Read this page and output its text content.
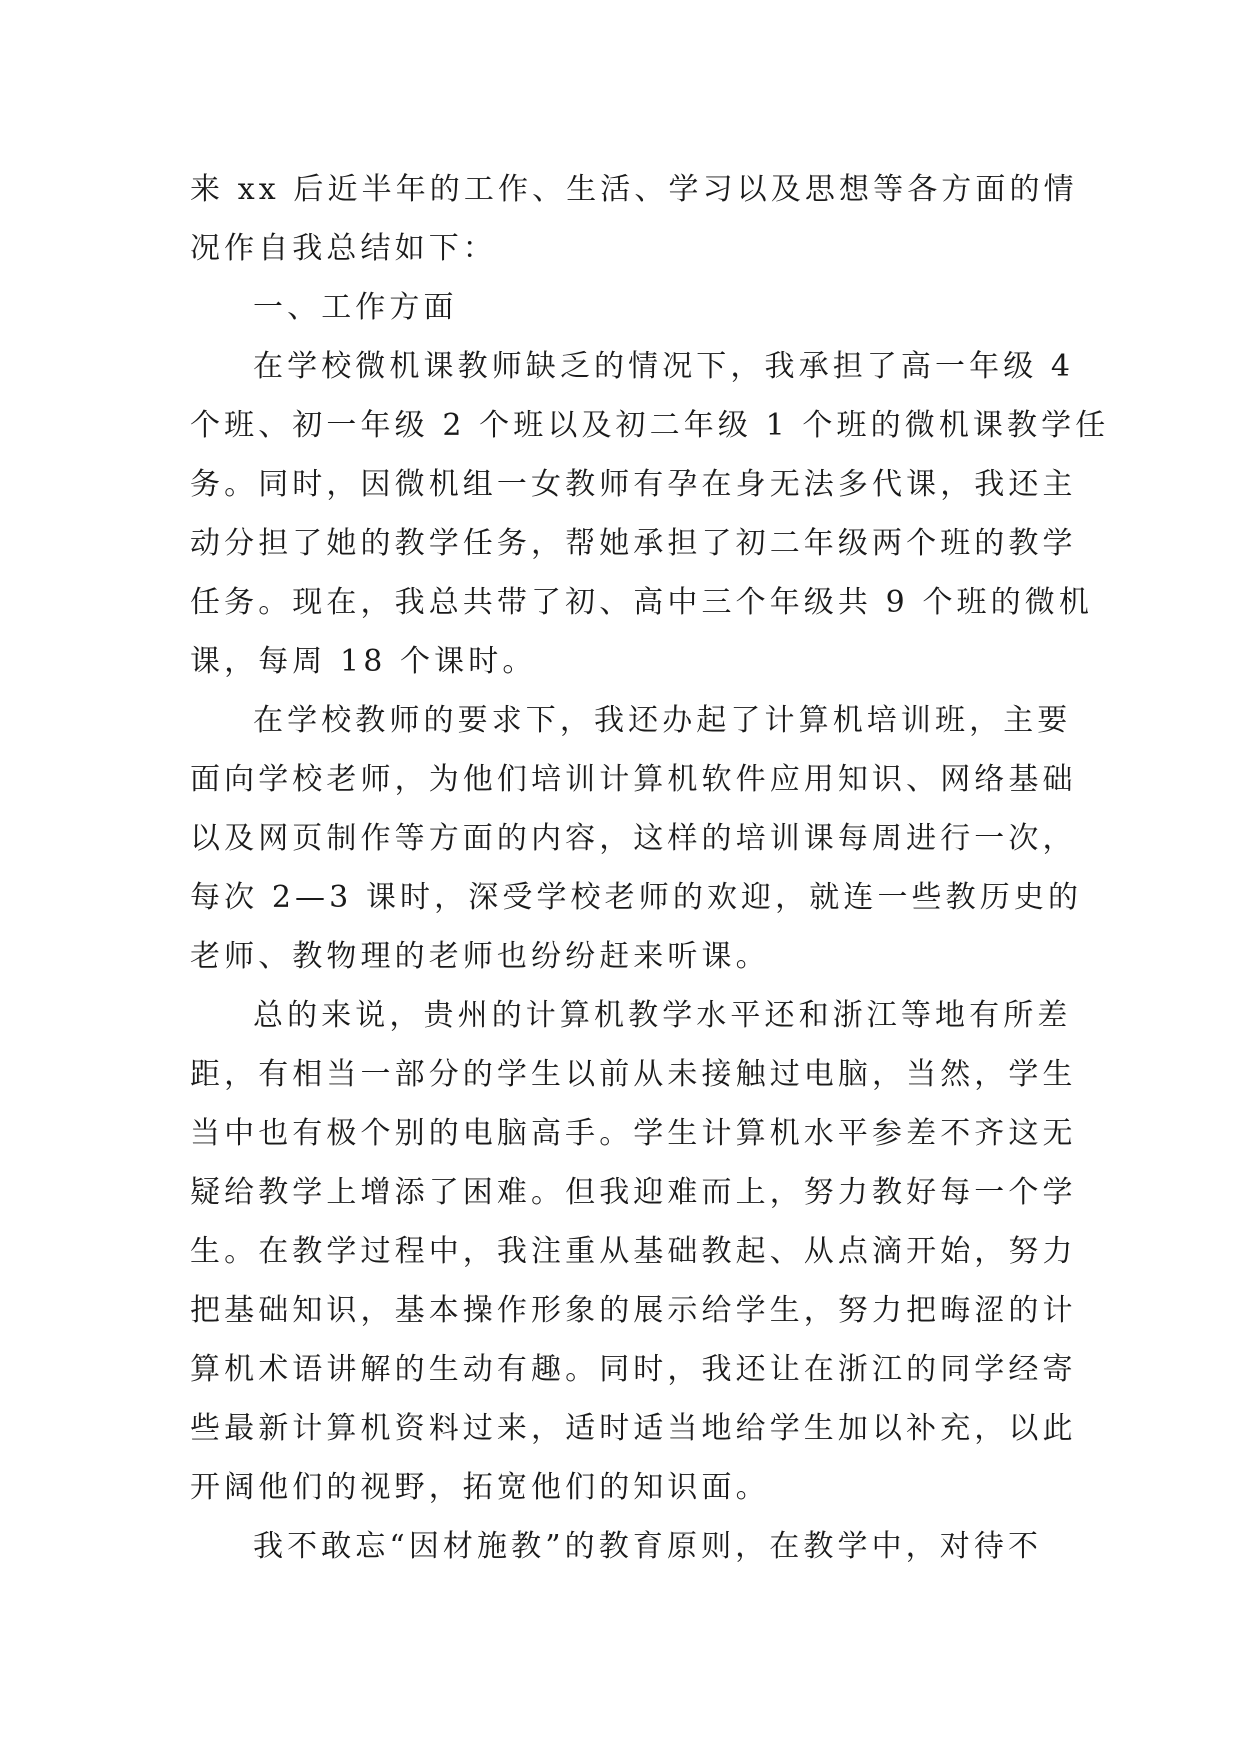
来 xx 后近半年的工作、生活、学习以及思想等各方面的情
况作自我总结如下：
一、工作方面
在学校微机课教师缺乏的情况下，我承担了高一年级 4
个班、初一年级 2 个班以及初二年级 1 个班的微机课教学任
务。同时，因微机组一女教师有孕在身无法多代课，我还主
动分担了她的教学任务，帮她承担了初二年级两个班的教学
任务。现在，我总共带了初、高中三个年级共 9 个班的微机
课，每周 18 个课时。
在学校教师的要求下，我还办起了计算机培训班，主要
面向学校老师，为他们培训计算机软件应用知识、网络基础
以及网页制作等方面的内容，这样的培训课每周进行一次，
每次 2—3 课时，深受学校老师的欢迎，就连一些教历史的
老师、教物理的老师也纷纷赶来听课。
总的来说，贵州的计算机教学水平还和浙江等地有所差
距，有相当一部分的学生以前从未接触过电脑，当然，学生
当中也有极个别的电脑高手。学生计算机水平参差不齐这无
疑给教学上增添了困难。但我迎难而上，努力教好每一个学
生。在教学过程中，我注重从基础教起、从点滴开始，努力
把基础知识，基本操作形象的展示给学生，努力把晦涩的计
算机术语讲解的生动有趣。同时，我还让在浙江的同学经寄
些最新计算机资料过来，适时适当地给学生加以补充，以此
开阔他们的视野，拓宽他们的知识面。
我不敢忘“因材施教”的教育原则，在教学中，对待不
